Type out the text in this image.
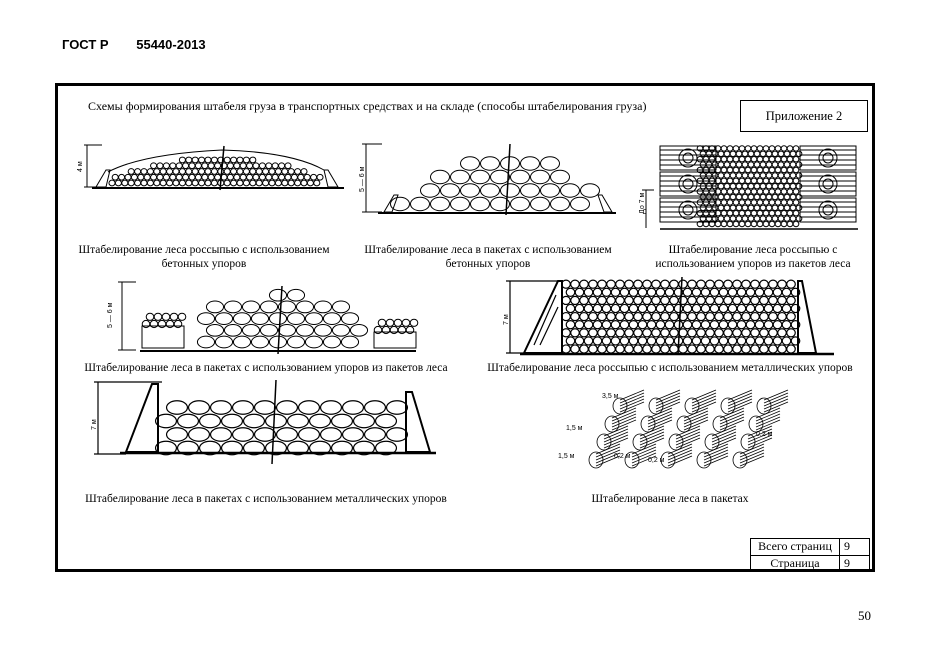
ГОСТ Р 55440-2013
Схемы формирования штабеля груза в транспортных средствах и на складе (способы штабелирования груза)
Приложение 2
4 м
Штабелирование леса россыпью с использованием
бетонных упоров
5 — 6 м
Штабелирование леса в пакетах с использованием
бетонных упоров
До 7 м
Штабелирование леса россыпью с
использованием упоров из пакетов леса
5 — 6 м
Штабелирование леса в пакетах с использованием упоров из пакетов леса
7 м
Штабелирование леса россыпью с использованием металлических упоров
7 м
Штабелирование леса в пакетах с использованием металлических упоров
3,5 м
1,5 м
1,5 м	0,2 м
0,2 м
0,2 м
Штабелирование леса в пакетах
Всего страниц	9
Страница	9
50
